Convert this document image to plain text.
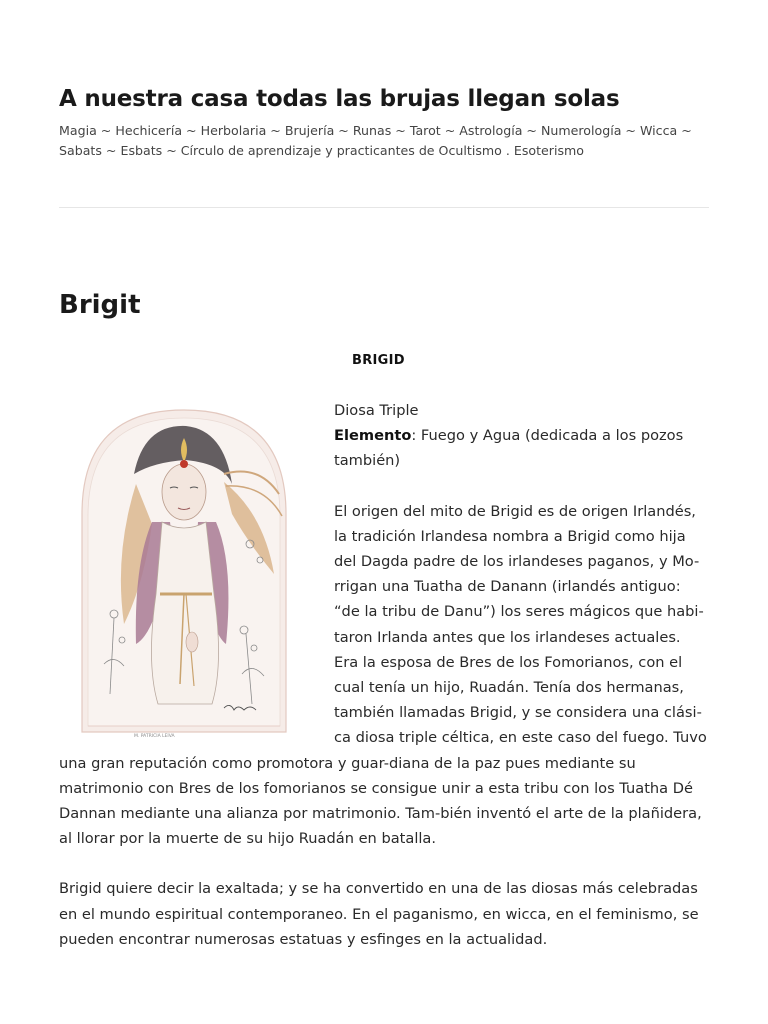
A nuestra casa todas las brujas llegan solas

Magia ~ Hechicería ~ Herbolaria ~ Brujería ~ Runas ~ Tarot ~ Astrología ~ Numerología ~ Wicca ~ Sabats ~ Esbats ~ Círculo de aprendizaje y practicantes de Ocultismo . Esoterismo

Brigit
BRIGID
M. PATRICIA LEIVA

Diosa Triple

Elemento: Fuego y Agua (dedicada a los pozos también)

El origen del mito de Brigid es de origen Irlandés, la tradición Irlandesa nombra a Brigid como hija del Dagda padre de los irlandeses paganos, y Mo-rrigan una Tuatha de Danann (irlandés antiguo: “de la tribu de Danu”) los seres mágicos que habi-taron Irlanda antes que los irlandeses actuales. Era la esposa de Bres de los Fomorianos, con el cual tenía un hijo, Ruadán. Tenía dos hermanas, también llamadas Brigid, y se considera una clási-ca diosa triple céltica, en este caso del fuego. Tuvo una gran reputación como promotora y guar-diana de la paz pues mediante su matrimonio con Bres de los fomorianos se consigue unir a esta tribu con los Tuatha Dé Dannan mediante una alianza por matrimonio. Tam-bién inventó el arte de la plañidera, al llorar por la muerte de su hijo Ruadán en batalla.

Brigid quiere decir la exaltada; y se ha convertido en una de las diosas más celebradas en el mundo espiritual contemporaneo. En el paganismo, en wicca, en el feminismo, se pueden encontrar numerosas estatuas y esfinges en la actualidad.
